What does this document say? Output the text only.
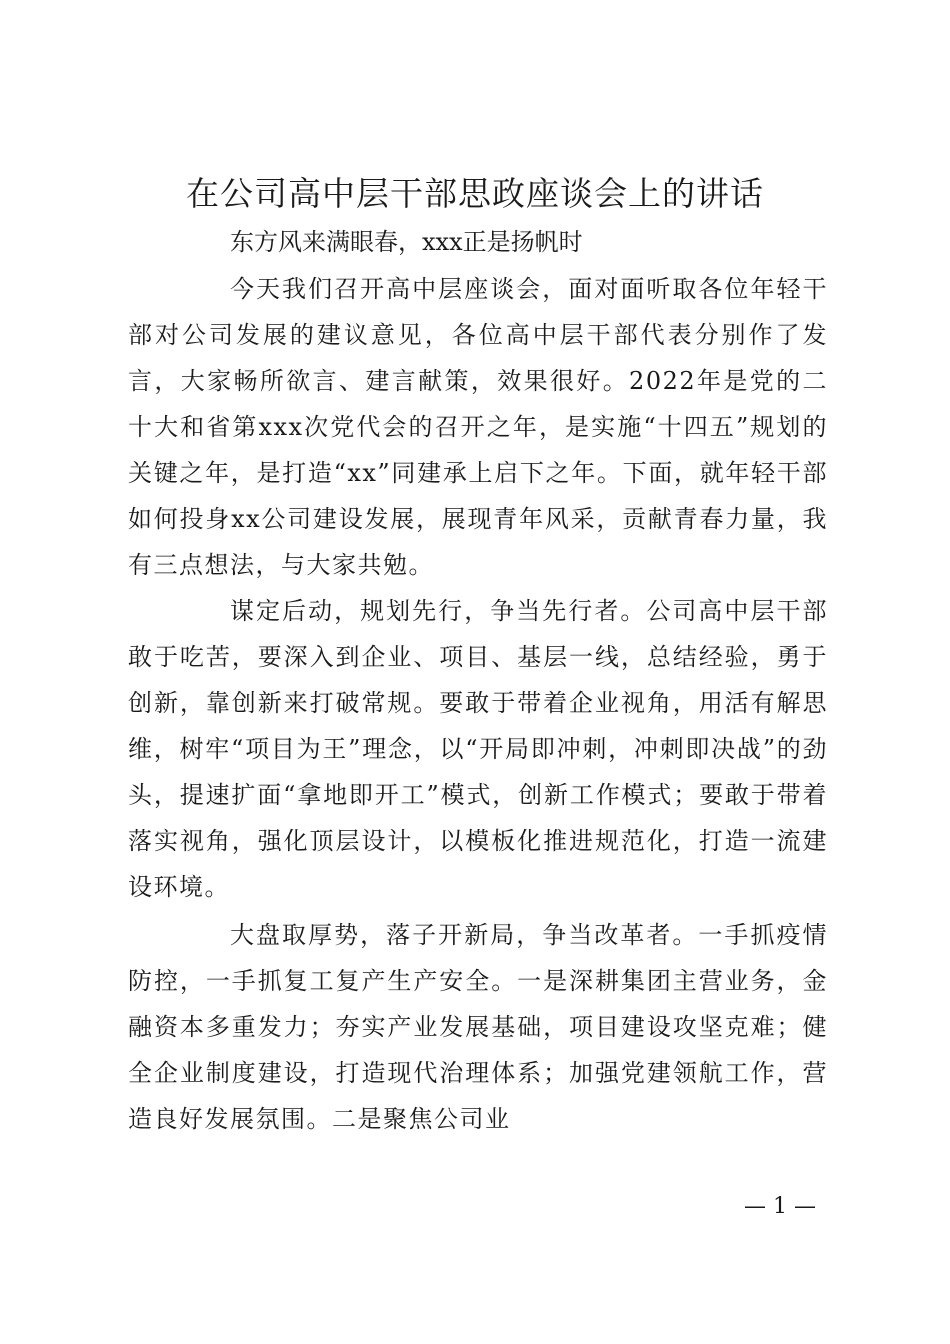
在公司高中层干部思政座谈会上的讲话

东方风来满眼春，xxx正是扬帆时

今天我们召开高中层座谈会，面对面听取各位年轻干部对公司发展的建议意见，各位高中层干部代表分别作了发言，大家畅所欲言、建言献策，效果很好。2022年是党的二十大和省第xxx次党代会的召开之年，是实施“十四五”规划的关键之年，是打造“xx”同建承上启下之年。下面，就年轻干部如何投身xx公司建设发展，展现青年风采，贡献青春力量，我有三点想法，与大家共勉。

谋定后动，规划先行，争当先行者。公司高中层干部敢于吃苦，要深入到企业、项目、基层一线，总结经验，勇于创新，靠创新来打破常规。要敢于带着企业视角，用活有解思维，树牢“项目为王”理念，以“开局即冲刺，冲刺即决战”的劲头，提速扩面“拿地即开工”模式，创新工作模式；要敢于带着落实视角，强化顶层设计，以模板化推进规范化，打造一流建设环境。

大盘取厚势，落子开新局，争当改革者。一手抓疫情防控，一手抓复工复产生产安全。一是深耕集团主营业务，金融资本多重发力；夯实产业发展基础，项目建设攻坚克难；健全企业制度建设，打造现代治理体系；加强党建领航工作，营造良好发展氛围。二是聚焦公司业

— 1 —
